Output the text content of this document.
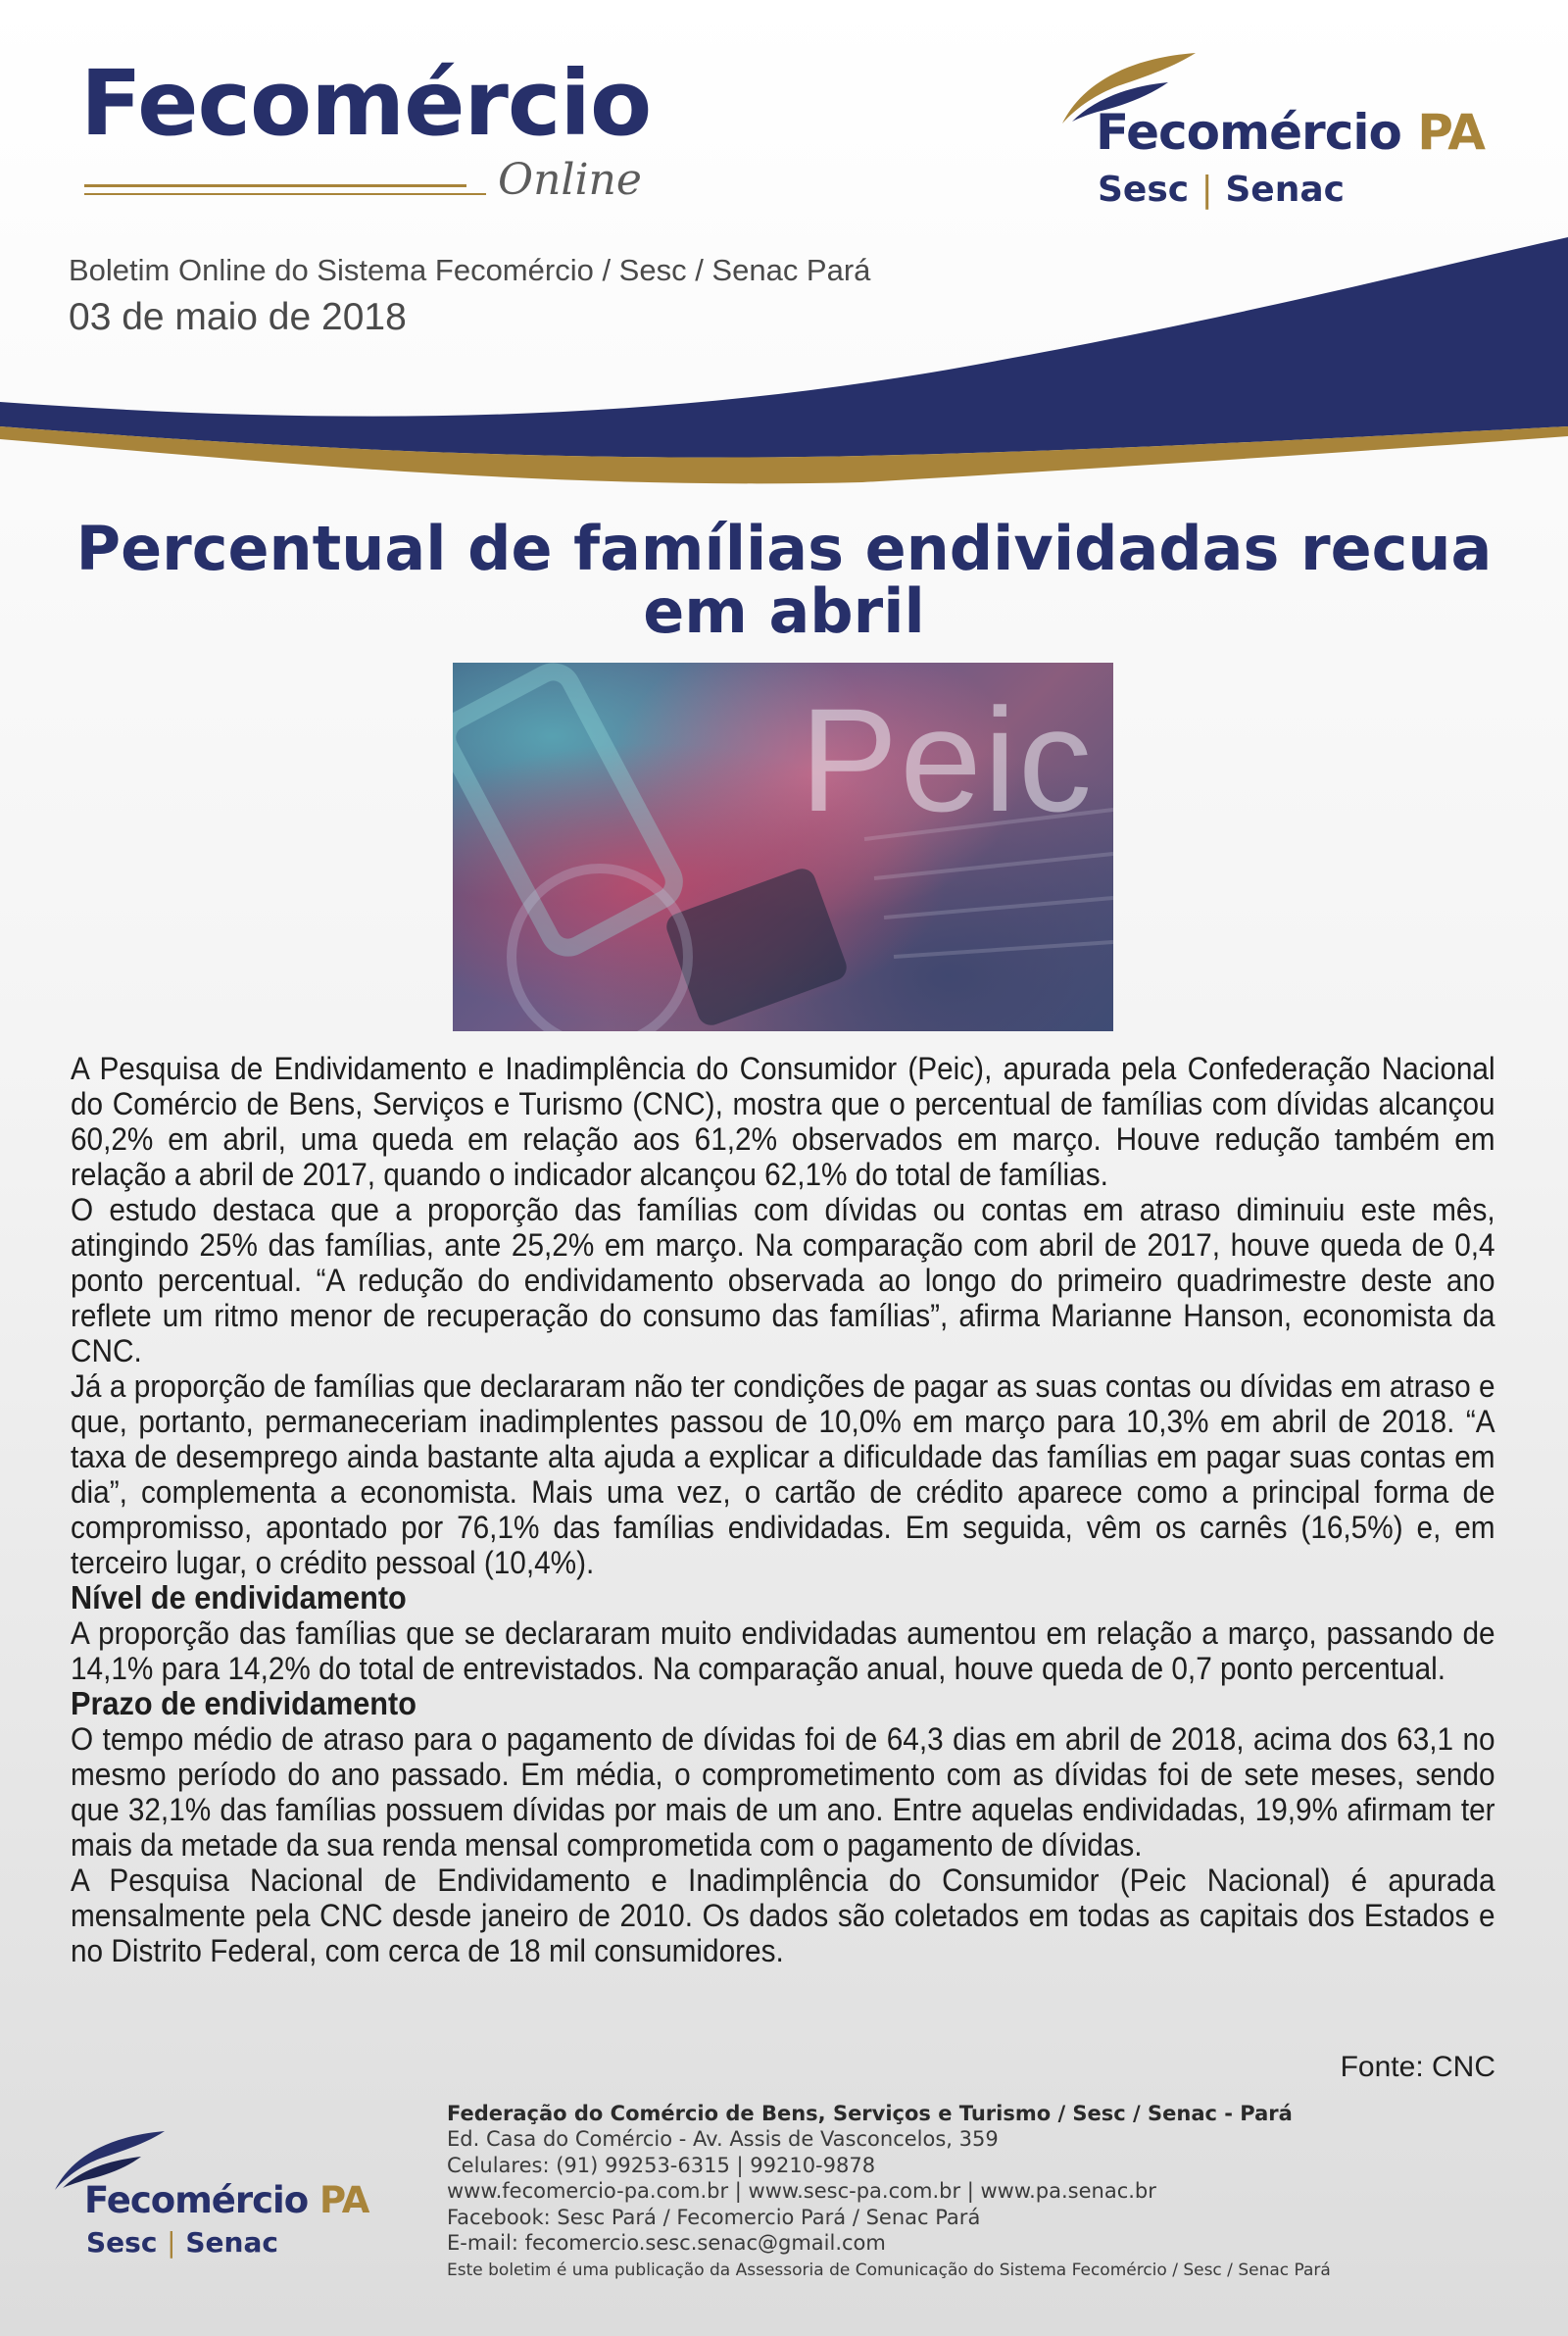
Fecomércio
Online
Boletim Online do Sistema Fecomércio / Sesc / Senac Pará
03 de maio de 2018
Fecomércio PA
Sesc | Senac
Percentual de famílias endividadas recua em abril
Peic

A Pesquisa de Endividamento e Inadimplência do Consumidor (Peic), apurada pela Confederação Nacional do Comércio de Bens, Serviços e Turismo (CNC), mostra que o percentual de famílias com dívidas alcançou 60,2% em abril, uma queda em relação aos 61,2% observados em março. Houve redução também em relação a abril de 2017, quando o indicador alcançou 62,1% do total de famílias.

O estudo destaca que a proporção das famílias com dívidas ou contas em atraso diminuiu este mês, atingindo 25% das famílias, ante 25,2% em março. Na comparação com abril de 2017, houve queda de 0,4 ponto percentual. “A redução do endividamento observada ao longo do primeiro quadrimestre deste ano reflete um ritmo menor de recuperação do consumo das famílias”, afirma Marianne Hanson, economista da CNC.

Já a proporção de famílias que declararam não ter condições de pagar as suas contas ou dívidas em atraso e que, portanto, permaneceriam inadimplentes passou de 10,0% em março para 10,3% em abril de 2018. “A taxa de desemprego ainda bastante alta ajuda a explicar a dificuldade das famílias em pagar suas contas em dia”, complementa a economista. Mais uma vez, o cartão de crédito aparece como a principal forma de compromisso, apontado por 76,1% das famílias endividadas. Em seguida, vêm os carnês (16,5%) e, em terceiro lugar, o crédito pessoal (10,4%).

Nível de endividamento

A proporção das famílias que se declararam muito endividadas aumentou em relação a março, passando de 14,1% para 14,2% do total de entrevistados. Na comparação anual, houve queda de 0,7 ponto percentual.

Prazo de endividamento

O tempo médio de atraso para o pagamento de dívidas foi de 64,3 dias em abril de 2018, acima dos 63,1 no mesmo período do ano passado. Em média, o comprometimento com as dívidas foi de sete meses, sendo que 32,1% das famílias possuem dívidas por mais de um ano. Entre aquelas endividadas, 19,9% afirmam ter mais da metade da sua renda mensal comprometida com o pagamento de dívidas.

A Pesquisa Nacional de Endividamento e Inadimplência do Consumidor (Peic Nacional) é apurada mensalmente pela CNC desde janeiro de 2010. Os dados são coletados em todas as capitais dos Estados e no Distrito Federal, com cerca de 18 mil consumidores.

Fonte: CNC
Fecomércio PA
Sesc | Senac
Federação do Comércio de Bens, Serviços e Turismo / Sesc / Senac - Pará
Ed. Casa do Comércio - Av. Assis de Vasconcelos, 359
Celulares: (91) 99253-6315 | 99210-9878
www.fecomercio-pa.com.br | www.sesc-pa.com.br | www.pa.senac.br
Facebook: Sesc Pará / Fecomercio Pará / Senac Pará
E-mail: fecomercio.sesc.senac@gmail.com
Este boletim é uma publicação da Assessoria de Comunicação do Sistema Fecomércio / Sesc / Senac Pará
